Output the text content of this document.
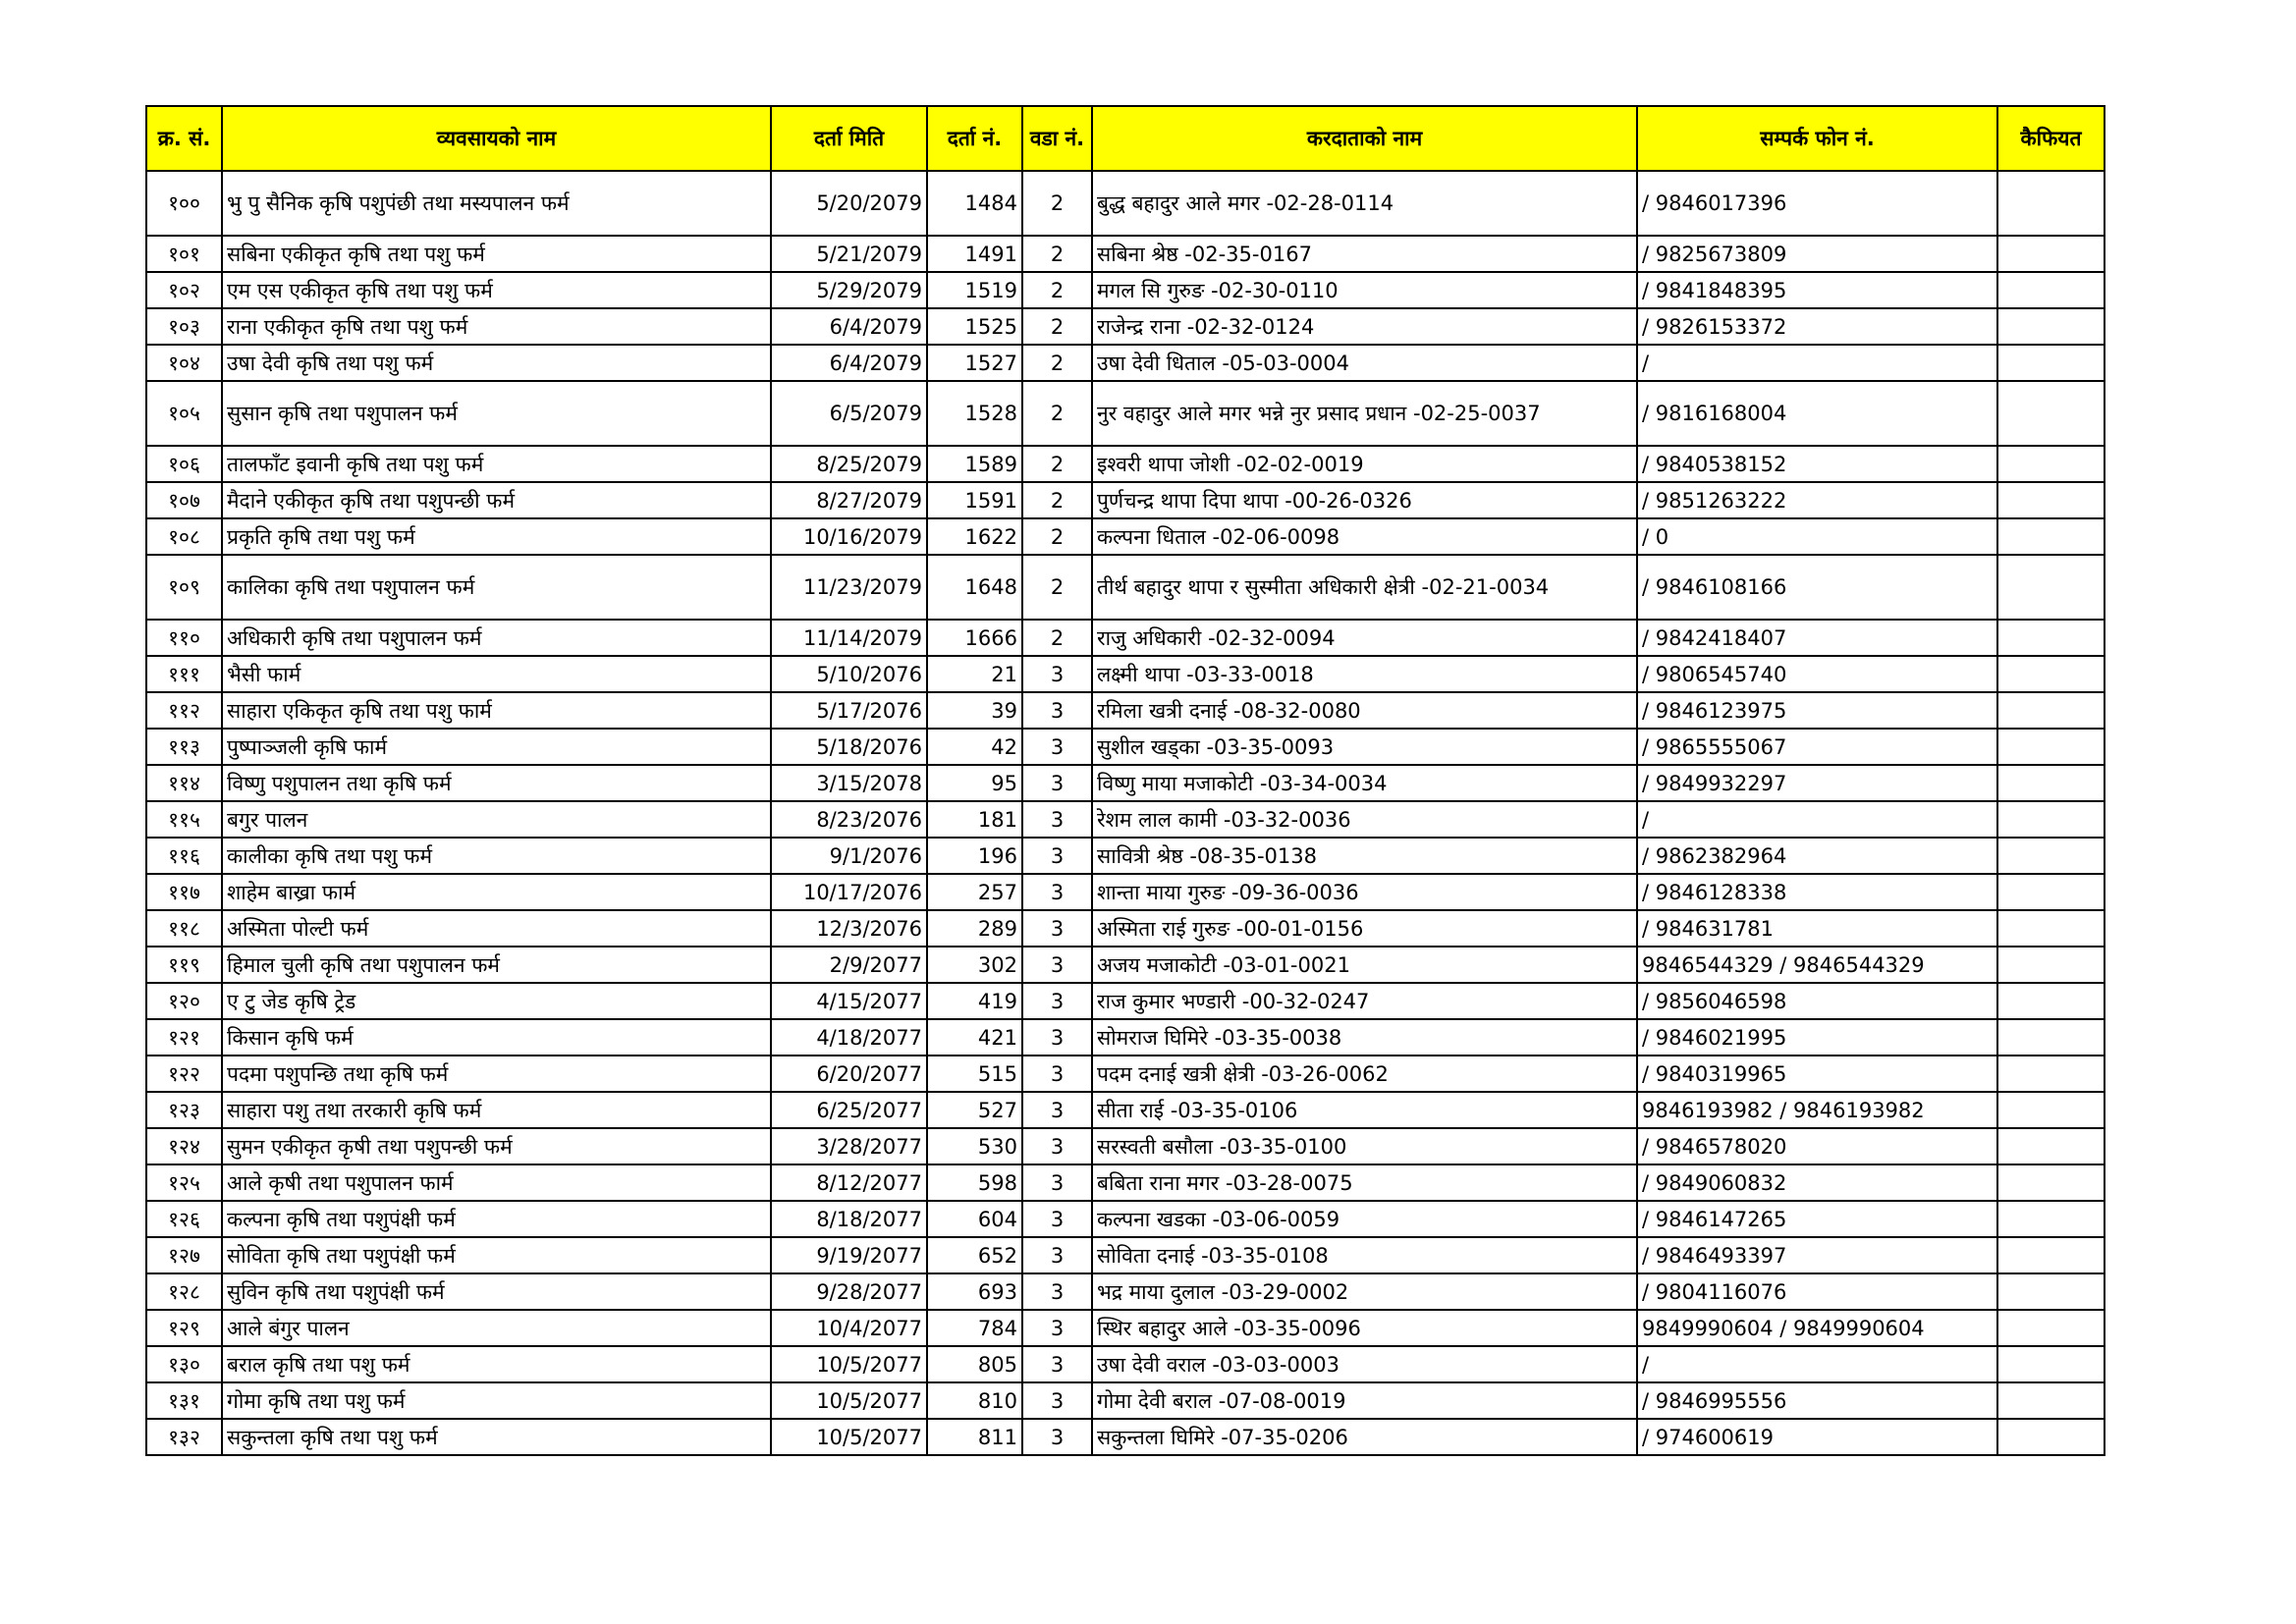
क्र. सं.	व्यवसायको नाम	दर्ता मिति	दर्ता नं.	वडा नं.	करदाताको नाम	सम्पर्क फोन नं.	कैफियत
१००	भु पु सैनिक कृषि पशुपंछी तथा मस्यपालन फर्म	5/20/2079	1484	2	बुद्ध बहादुर आले मगर -02-28-0114	/ 9846017396	
१०१	सबिना एकीकृत कृषि तथा पशु फर्म	5/21/2079	1491	2	सबिना श्रेष्ठ -02-35-0167	/ 9825673809	
१०२	एम एस एकीकृत कृषि तथा पशु फर्म	5/29/2079	1519	2	मगल सि गुरुङ -02-30-0110	/ 9841848395	
१०३	राना एकीकृत कृषि तथा पशु फर्म	6/4/2079	1525	2	राजेन्द्र राना -02-32-0124	/ 9826153372	
१०४	उषा देवी कृषि तथा पशु फर्म	6/4/2079	1527	2	उषा देवी धिताल -05-03-0004	/	
१०५	सुसान कृषि तथा पशुपालन फर्म	6/5/2079	1528	2	नुर वहादुर आले मगर भन्ने नुर प्रसाद प्रधान -02-25-0037	/ 9816168004	
१०६	तालफाँट इवानी कृषि तथा पशु फर्म	8/25/2079	1589	2	इश्वरी थापा जोशी -02-02-0019	/ 9840538152	
१०७	मैदाने एकीकृत कृषि तथा पशुपन्छी फर्म	8/27/2079	1591	2	पुर्णचन्द्र थापा दिपा थापा -00-26-0326	/ 9851263222	
१०८	प्रकृति कृषि तथा पशु फर्म	10/16/2079	1622	2	कल्पना धिताल -02-06-0098	/ 0	
१०९	कालिका कृषि तथा पशुपालन फर्म	11/23/2079	1648	2	तीर्थ बहादुर थापा र सुस्मीता अधिकारी क्षेत्री -02-21-0034	/ 9846108166	
११०	अधिकारी कृषि तथा पशुपालन फर्म	11/14/2079	1666	2	राजु अधिकारी -02-32-0094	/ 9842418407	
१११	भैसी फार्म	5/10/2076	21	3	लक्ष्मी थापा -03-33-0018	/ 9806545740	
११२	साहारा एकिकृत कृषि तथा पशु फार्म	5/17/2076	39	3	रमिला खत्री दनाई -08-32-0080	/ 9846123975	
११३	पुष्पाञ्जली कृषि फार्म	5/18/2076	42	3	सुशील खड्का -03-35-0093	/ 9865555067	
११४	विष्णु पशुपालन तथा कृषि फर्म	3/15/2078	95	3	विष्णु माया मजाकोटी -03-34-0034	/ 9849932297	
११५	बगुर पालन	8/23/2076	181	3	रेशम लाल कामी -03-32-0036	/	
११६	कालीका कृषि तथा पशु फर्म	9/1/2076	196	3	सावित्री श्रेष्ठ -08-35-0138	/ 9862382964	
११७	शाहेम बाख्रा फार्म	10/17/2076	257	3	शान्ता माया गुरुङ -09-36-0036	/ 9846128338	
११८	अस्मिता पोल्टी फर्म	12/3/2076	289	3	अस्मिता राई गुरुङ -00-01-0156	/ 984631781	
११९	हिमाल चुली कृषि तथा पशुपालन फर्म	2/9/2077	302	3	अजय मजाकोटी -03-01-0021	9846544329 / 9846544329	
१२०	ए टु जेड कृषि ट्रेड	4/15/2077	419	3	राज कुमार भण्डारी -00-32-0247	/ 9856046598	
१२१	किसान कृषि फर्म	4/18/2077	421	3	सोमराज घिमिरे -03-35-0038	/ 9846021995	
१२२	पदमा पशुपन्छि तथा कृषि फर्म	6/20/2077	515	3	पदम दनाई खत्री क्षेत्री -03-26-0062	/ 9840319965	
१२३	साहारा पशु तथा तरकारी कृषि फर्म	6/25/2077	527	3	सीता राई -03-35-0106	9846193982 / 9846193982	
१२४	सुमन एकीकृत कृषी तथा पशुपन्छी फर्म	3/28/2077	530	3	सरस्वती बसौला -03-35-0100	/ 9846578020	
१२५	आले कृषी तथा पशुपालन फार्म	8/12/2077	598	3	बबिता राना मगर -03-28-0075	/ 9849060832	
१२६	कल्पना कृषि तथा पशुपंक्षी फर्म	8/18/2077	604	3	कल्पना खडका -03-06-0059	/ 9846147265	
१२७	सोविता कृषि तथा पशुपंक्षी फर्म	9/19/2077	652	3	सोविता दनाई -03-35-0108	/ 9846493397	
१२८	सुविन कृषि तथा पशुपंक्षी फर्म	9/28/2077	693	3	भद्र माया दुलाल -03-29-0002	/ 9804116076	
१२९	आले बंगुर पालन	10/4/2077	784	3	स्थिर बहादुर आले -03-35-0096	9849990604 / 9849990604	
१३०	बराल कृषि तथा पशु फर्म	10/5/2077	805	3	उषा देवी वराल -03-03-0003	/	
१३१	गोमा कृषि तथा पशु फर्म	10/5/2077	810	3	गोमा देवी बराल -07-08-0019	/ 9846995556	
१३२	सकुन्तला कृषि तथा पशु फर्म	10/5/2077	811	3	सकुन्तला घिमिरे -07-35-0206	/ 974600619	
